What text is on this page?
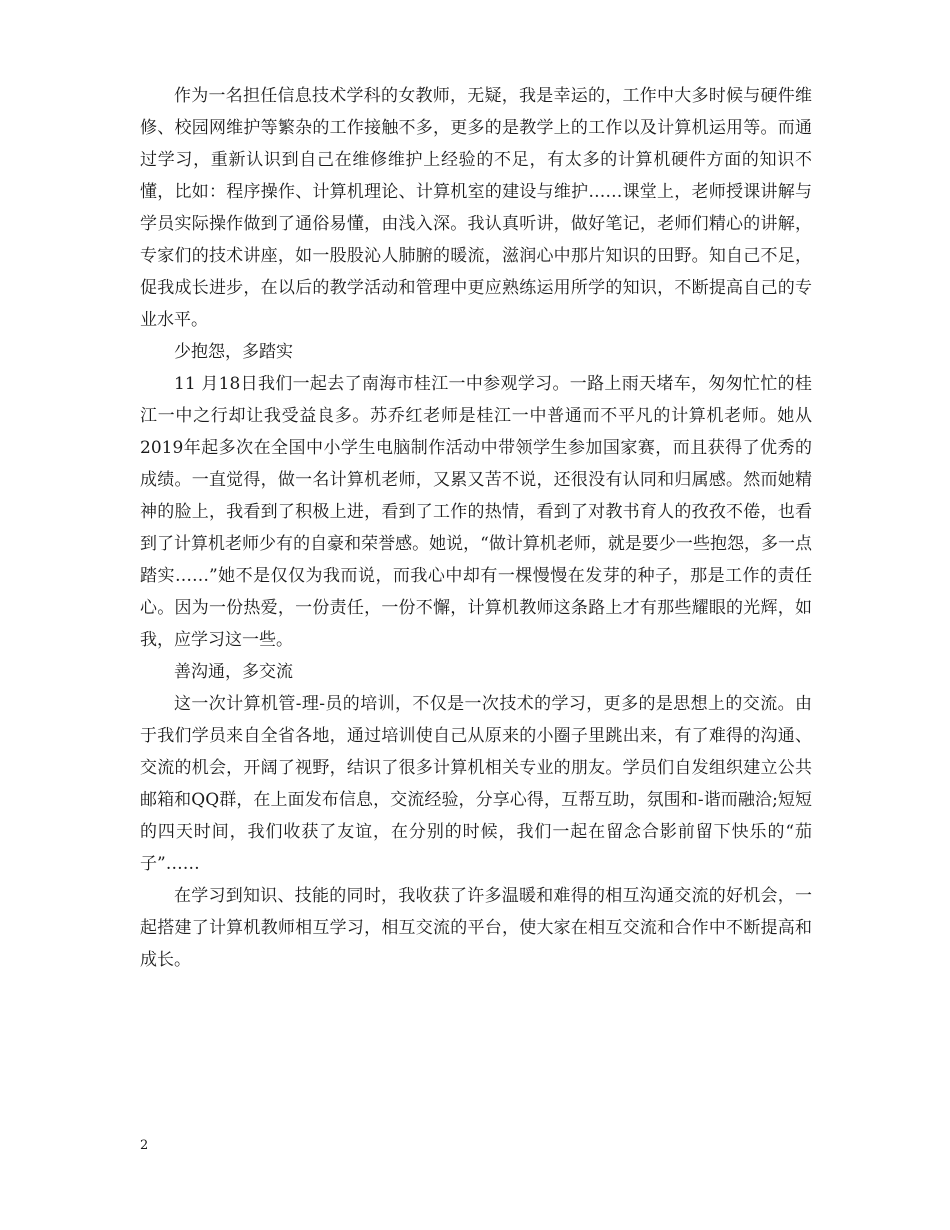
作为一名担任信息技术学科的女教师，无疑，我是幸运的，工作中大多时候与硬件维修、校园网维护等繁杂的工作接触不多，更多的是教学上的工作以及计算机运用等。而通过学习，重新认识到自己在维修维护上经验的不足，有太多的计算机硬件方面的知识不懂，比如：程序操作、计算机理论、计算机室的建设与维护……课堂上，老师授课讲解与学员实际操作做到了通俗易懂，由浅入深。我认真听讲，做好笔记，老师们精心的讲解，专家们的技术讲座，如一股股沁人肺腑的暖流，滋润心中那片知识的田野。知自己不足，促我成长进步，在以后的教学活动和管理中更应熟练运用所学的知识，不断提高自己的专业水平。

少抱怨，多踏实

11 月18日我们一起去了南海市桂江一中参观学习。一路上雨天堵车，匆匆忙忙的桂江一中之行却让我受益良多。苏乔红老师是桂江一中普通而不平凡的计算机老师。她从2019年起多次在全国中小学生电脑制作活动中带领学生参加国家赛，而且获得了优秀的成绩。一直觉得，做一名计算机老师，又累又苦不说，还很没有认同和归属感。然而她精神的脸上，我看到了积极上进，看到了工作的热情，看到了对教书育人的孜孜不倦，也看到了计算机老师少有的自豪和荣誉感。她说，“做计算机老师，就是要少一些抱怨，多一点踏实……”她不是仅仅为我而说，而我心中却有一棵慢慢在发芽的种子，那是工作的责任心。因为一份热爱，一份责任，一份不懈，计算机教师这条路上才有那些耀眼的光辉，如我，应学习这一些。

善沟通，多交流

这一次计算机管-理-员的培训，不仅是一次技术的学习，更多的是思想上的交流。由于我们学员来自全省各地，通过培训使自己从原来的小圈子里跳出来，有了难得的沟通、交流的机会，开阔了视野，结识了很多计算机相关专业的朋友。学员们自发组织建立公共邮箱和QQ群，在上面发布信息，交流经验，分享心得，互帮互助，氛围和-谐而融洽;短短的四天时间，我们收获了友谊，在分别的时候，我们一起在留念合影前留下快乐的“茄子”……

在学习到知识、技能的同时，我收获了许多温暖和难得的相互沟通交流的好机会，一起搭建了计算机教师相互学习，相互交流的平台，使大家在相互交流和合作中不断提高和成长。

2
